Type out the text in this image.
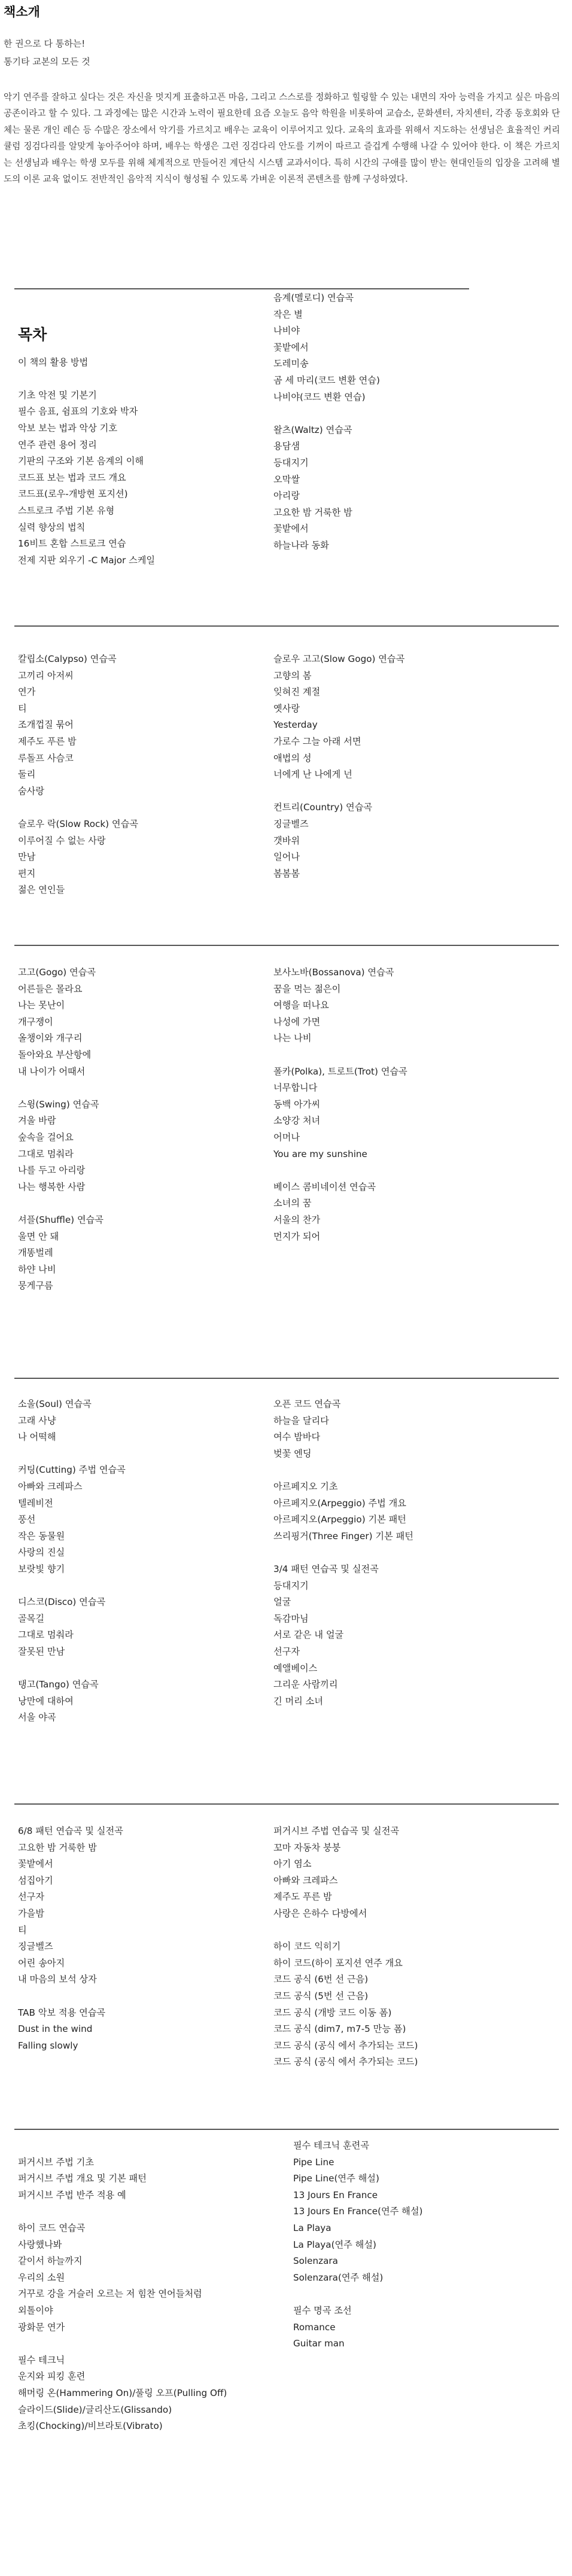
책소개
한 권으로 다 통하는!
통기타 교본의 모든 것
악기 연주를 잘하고 싶다는 것은 자신을 멋지게 표출하고픈 마음, 그리고 스스로를 정화하고 힐링할 수 있는 내면의 자아 능력을 가지고 싶은 마음의 공존이라고 할 수 있다. 그 과정에는 많은 시간과 노력이 필요한데 요즘 오늘도 음악 학원을 비롯하여 교습소, 문화센터, 자치센터, 각종 동호회와 단체는 물론 개인 레슨 등 수많은 장소에서 악기를 가르치고 배우는 교육이 이루어지고 있다. 교육의 효과를 위해서 지도하는 선생님은 효율적인 커리큘럼 징검다리를 알맞게 놓아주어야 하며, 배우는 학생은 그런 징검다리 안도를 기꺼이 따르고 즐겁게 수행해 나갈 수 있어야 한다. 이 책은 가르치는 선생님과 배우는 학생 모두를 위해 체계적으로 만들어진 계단식 시스템 교과서이다. 특히 시간의 구애를 많이 받는 현대인들의 입장을 고려해 별도의 이론 교육 없이도 전반적인 음악적 지식이 형성될 수 있도록 가벼운 이론적 콘텐츠를 함께 구성하였다.
목차
이 책의 활용 방법
기초 악전 및 기본기
필수 음표, 쉼표의 기호와 박자
악보 보는 법과 악상 기호
연주 관련 용어 정리
기판의 구조와 기본 음계의 이해
코드표 보는 법과 코드 개요
코드표(로우-개방현 포지션)
스트로크 주법 기본 유형
실력 향상의 법칙
16비트 혼합 스트로크 연습
전제 지판 외우기 -C Major 스케일
음계(멜로디) 연습곡
작은 별
나비야
꽃밭에서
도레미송
곰 세 마리(코드 변환 연습)
나비야(코드 변환 연습)
왈츠(Waltz) 연습곡
용담샘
등대지기
오막쌀
아리랑
고요한 밤 거룩한 밤
꽃밭에서
하늘나라 동화
칼립소(Calypso) 연습곡
고끼리 아저씨
연가
티
조개껍질 묶어
제주도 푸른 밤
루돌프 사슴코
둘리
숨사랑
슬로우 락(Slow Rock) 연습곡
이루어질 수 없는 사랑
만남
편지
젊은 연인들
슬로우 고고(Slow Gogo) 연습곡
고향의 봄
잊혀진 계절
옛사랑
Yesterday
가로수 그늘 아래 서면
애법의 성
너에게 난 나에게 넌
컨트리(Country) 연습곡
징글벨즈
갯바위
일어나
봄봄봄
고고(Gogo) 연습곡
어른들은 몰라요
나는 못난이
개구쟁이
올챙이와 개구리
돌아와요 부산항에
내 나이가 어때서
스윙(Swing) 연습곡
겨울 바람
숲속을 걸어요
그대로 멈춰라
나를 두고 아리랑
나는 행복한 사람
셔플(Shuffle) 연습곡
울면 안 돼
개똥벌레
하얀 나비
뭉게구름
보사노바(Bossanova) 연습곡
꿈을 먹는 젊은이
여행을 떠나요
나성에 가면
나는 나비
폴카(Polka), 트로트(Trot) 연습곡
너무합니다
동백 아가씨
소양강 처녀
어머나
You are my sunshine
베이스 콤비네이션 연습곡
소녀의 꿈
서울의 찬가
먼지가 되어
소울(Soul) 연습곡
고래 사냥
나 어떡해
커팅(Cutting) 주법 연습곡
아빠와 크레파스
텔레비전
풍선
작은 동물원
사랑의 진실
보랏빛 향기
디스코(Disco) 연습곡
골목길
그대로 멈춰라
잘못된 만남
탱고(Tango) 연습곡
낭만에 대하여
서울 야곡
오픈 코드 연습곡
하늘을 달리다
여수 밤바다
벚꽃 엔딩
아르페지오 기초
아르페지오(Arpeggio) 주법 개요
아르페지오(Arpeggio) 기본 패턴
쓰리핑거(Three Finger) 기본 패턴
3/4 패턴 연습곡 및 실전곡
등대지기
얼굴
독감마님
서로 같은 내 얼굴
선구자
예앨베이스
그리운 사람끼리
긴 머리 소녀
6/8 패턴 연습곡 및 실전곡
고요한 밤 거룩한 밤
꽃밭에서
섬집아기
선구자
가을밤
티
징글벨즈
어린 송아지
내 마음의 보석 상자
TAB 악보 적용 연습곡
Dust in the wind
Falling slowly
퍼거시브 주법 연습곡 및 실전곡
꼬마 자동차 붕붕
아기 염소
아빠와 크레파스
제주도 푸른 밤
사랑은 은하수 다방에서
하이 코드 익히기
하이 코드(하이 포지션 연주 개요
코드 공식 (6번 선 근음)
코드 공식 (5번 선 근음)
코드 공식 (개방 코드 이동 폼)
코드 공식 (dim7, m7-5 만능 폼)
코드 공식 (공식 에서 추가되는 코드)
코드 공식 (공식 에서 추가되는 코드)
퍼거시브 주법 기초
퍼거시브 주법 개요 및 기본 패턴
퍼거시브 주법 반주 적용 예
하이 코드 연습곡
사랑했나봐
같이서 하늘까지
우리의 소원
거꾸로 강을 거슬러 오르는 저 힘찬 연어들처럼
외톨이야
광화문 연가
필수 테크닉
운지와 피킹 훈련
해머링 온(Hammering On)/풀링 오프(Pulling Off)
슬라이드(Slide)/글리산도(Glissando)
초킹(Chocking)/비브라토(Vibrato)
필수 테크닉 훈련곡
Pipe Line
Pipe Line(연주 해설)
13 Jours En France
13 Jours En France(연주 해설)
La Playa
La Playa(연주 해설)
Solenzara
Solenzara(연주 해설)
필수 명곡 조선
Romance
Guitar man
